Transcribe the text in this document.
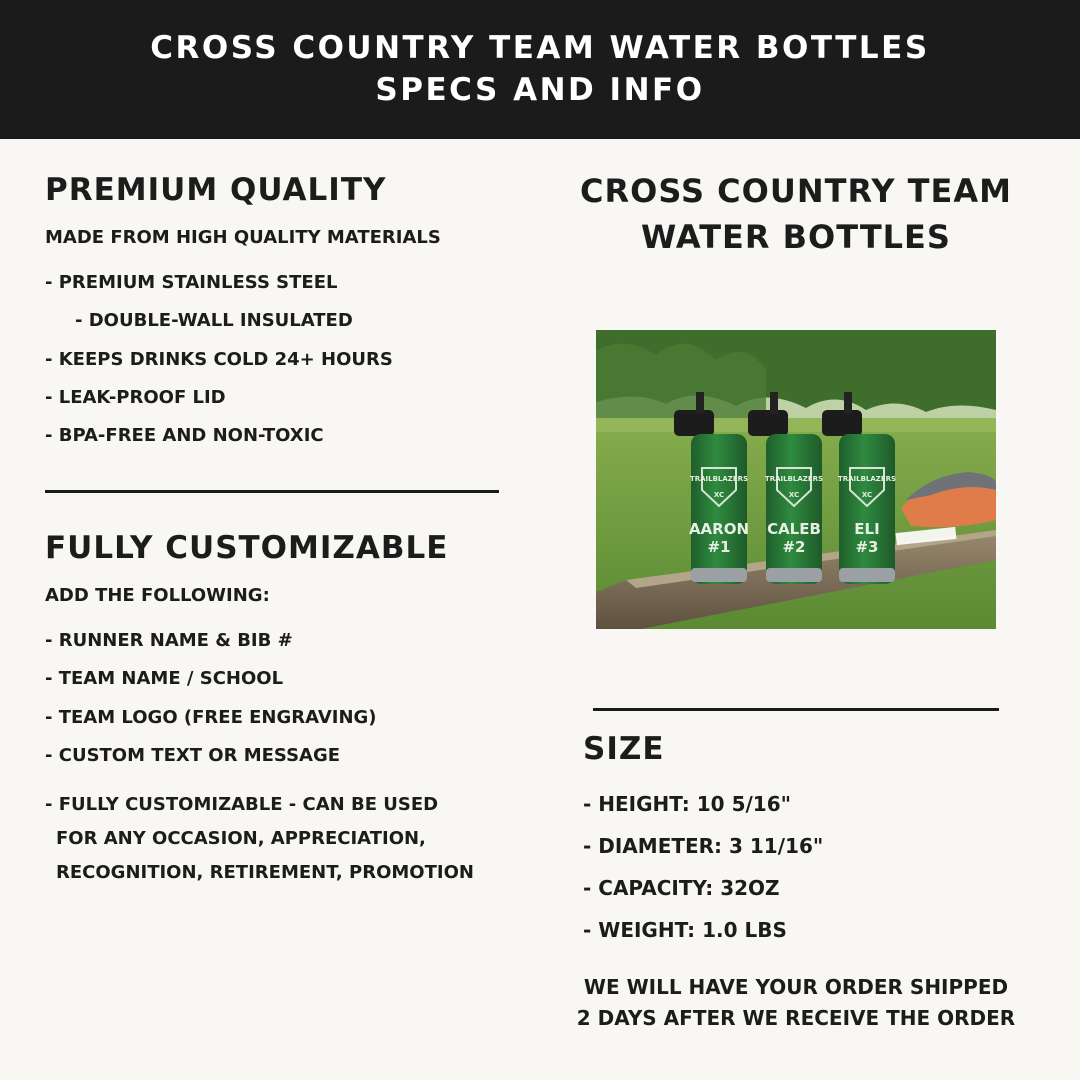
CROSS COUNTRY TEAM WATER BOTTLES
SPECS AND INFO
PREMIUM QUALITY
MADE FROM HIGH QUALITY MATERIALS
- PREMIUM STAINLESS STEEL
- DOUBLE-WALL INSULATED
- KEEPS DRINKS COLD 24+ HOURS
- LEAK-PROOF LID
- BPA-FREE AND NON-TOXIC
FULLY CUSTOMIZABLE
ADD THE FOLLOWING:
- RUNNER NAME & BIB #
- TEAM NAME / SCHOOL
- TEAM LOGO (FREE ENGRAVING)
- CUSTOM TEXT OR MESSAGE
- FULLY CUSTOMIZABLE - CAN BE USED
FOR ANY OCCASION, APPRECIATION,
RECOGNITION, RETIREMENT, PROMOTION
CROSS COUNTRY TEAM
WATER BOTTLES
TRAILBLAZERS
XC
AARON
#1
TRAILBLAZERS
XC
CALEB
#2
TRAILBLAZERS
XC
ELI
#3
SIZE
- HEIGHT: 10 5/16"
- DIAMETER: 3 11/16"
- CAPACITY: 32OZ
- WEIGHT: 1.0 LBS
WE WILL HAVE YOUR ORDER SHIPPED
2 DAYS AFTER WE RECEIVE THE ORDER
